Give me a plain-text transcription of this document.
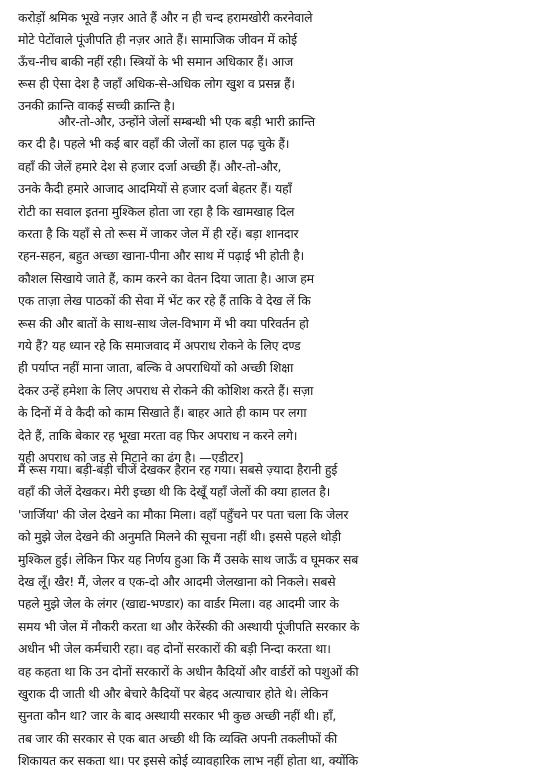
करोड़ों श्रमिक भूखे नज़र आते हैं और न ही चन्द हरामखोरी करनेवाले
मोटे पेटोंवाले पूंजीपति ही नज़र आते हैं। सामाजिक जीवन में कोई
ऊँच-नीच बाकी नहीं रही। स्त्रियों के भी समान अधिकार हैं। आज
रूस ही ऐसा देश है जहाँ अधिक-से-अधिक लोग खुश व प्रसन्न हैं।
उनकी क्रान्ति वाकई सच्ची क्रान्ति है।
और-तो-और, उन्होंने जेलों सम्बन्धी भी एक बड़ी भारी क्रान्ति
कर दी है। पहले भी कई बार वहाँ की जेलों का हाल पढ़ चुके हैं।
वहाँ की जेलें हमारे देश से हजार दर्जा अच्छी हैं। और-तो-और,
उनके कैदी हमारे आजाद आदमियों से हजार दर्जा बेहतर हैं। यहाँ
रोटी का सवाल इतना मुश्किल होता जा रहा है कि खामखाह दिल
करता है कि यहाँ से तो रूस में जाकर जेल में ही रहें। बड़ा शानदार
रहन-सहन, बहुत अच्छा खाना-पीना और साथ में पढ़ाई भी होती है।
कौशल सिखाये जाते हैं, काम करने का वेतन दिया जाता है। आज हम
एक ताज़ा लेख पाठकों की सेवा में भेंट कर रहे हैं ताकि वे देख लें कि
रूस की और बातों के साथ-साथ जेल-विभाग में भी क्या परिवर्तन हो
गये हैं? यह ध्यान रहे कि समाजवाद में अपराध रोकने के लिए दण्ड
ही पर्याप्त नहीं माना जाता, बल्कि वे अपराधियों को अच्छी शिक्षा
देकर उन्हें हमेशा के लिए अपराध से रोकने की कोशिश करते हैं। सज़ा
के दिनों में वे कैदी को काम सिखाते हैं। बाहर आते ही काम पर लगा
देते हैं, ताकि बेकार रह भूखा मरता वह फिर अपराध न करने लगे।
यही अपराध को जड़ से मिटाने का ढंग है। —एडीटर]
मैं रूस गया। बड़ी-बड़ी चीजें देखकर हैरान रह गया। सबसे ज़्यादा हैरानी हुई
वहाँ की जेलें देखकर। मेरी इच्छा थी कि देखूँ यहाँ जेलों की क्या हालत है।
'जार्जिया' की जेल देखने का मौका मिला। वहाँ पहुँचने पर पता चला कि जेलर
को मुझे जेल देखने की अनुमति मिलने की सूचना नहीं थी। इससे पहले थोड़ी
मुश्किल हुई। लेकिन फिर यह निर्णय हुआ कि मैं उसके साथ जाऊँ व घूमकर सब
देख लूँ। खैर! मैं, जेलर व एक-दो और आदमी जेलखाना को निकले। सबसे
पहले मुझे जेल के लंगर (खाद्य-भण्डार) का वार्डर मिला। वह आदमी जार के
समय भी जेल में नौकरी करता था और केरेंस्की की अस्थायी पूंजीपति सरकार के
अधीन भी जेल कर्मचारी रहा। वह दोनों सरकारों की बड़ी निन्दा करता था।
वह कहता था कि उन दोनों सरकारों के अधीन कैदियों और वार्डरों को पशुओं की
खुराक दी जाती थी और बेचारे कैदियों पर बेहद अत्याचार होते थे। लेकिन
सुनता कौन था? जार के बाद अस्थायी सरकार भी कुछ अच्छी नहीं थी। हाँ,
तब जार की सरकार से एक बात अच्छी थी कि व्यक्ति अपनी तकलीफों की
शिकायत कर सकता था। पर इससे कोई व्यावहारिक लाभ नहीं होता था, क्योंकि
